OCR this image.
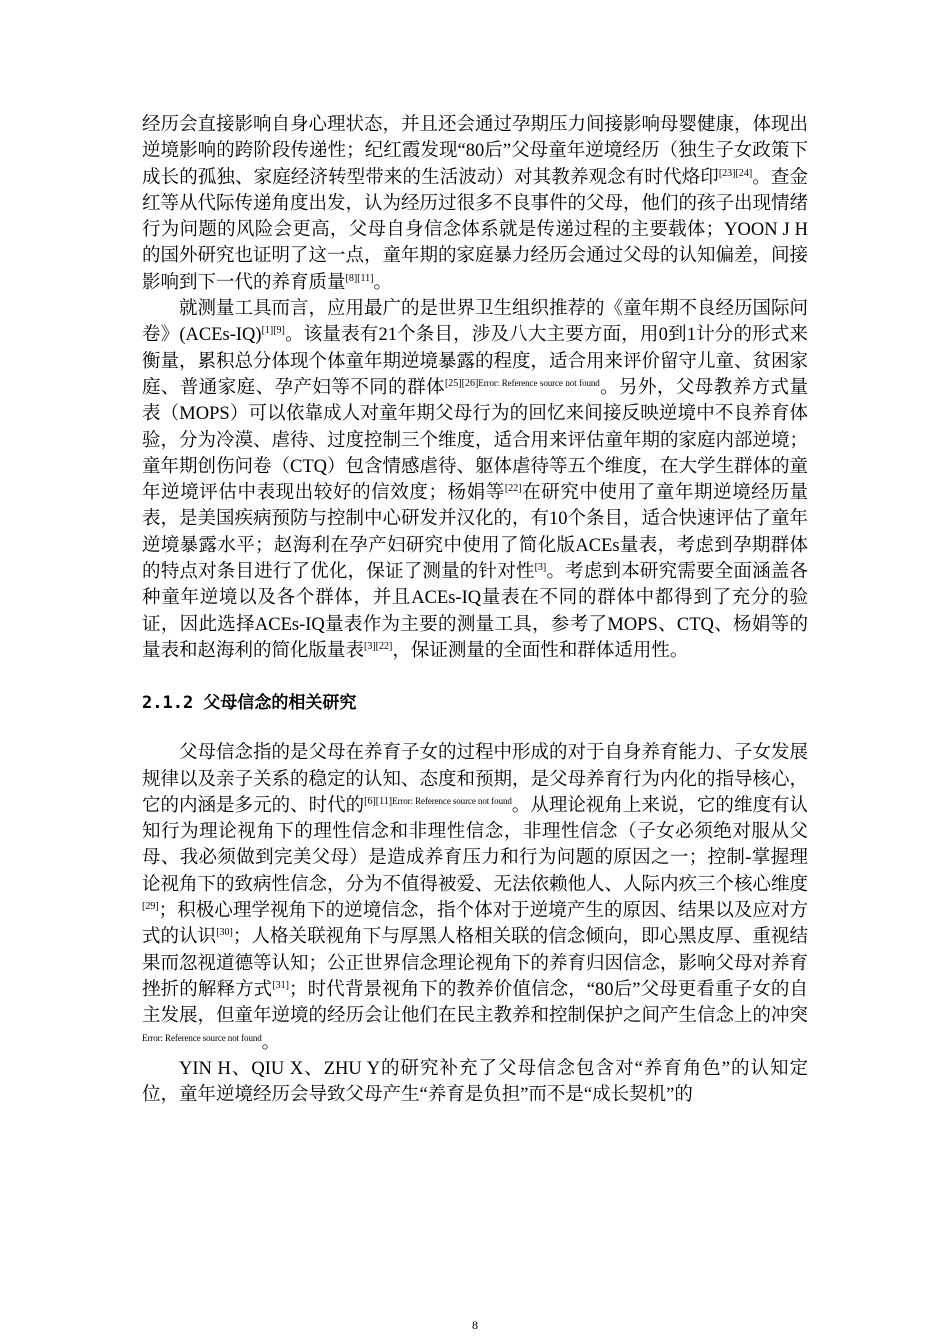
经历会直接影响自身心理状态，并且还会通过孕期压力间接影响母婴健康，体现出逆境影响的跨阶段传递性；纪红霞发现“80后”父母童年逆境经历（独生子女政策下成长的孤独、家庭经济转型带来的生活波动）对其教养观念有时代烙印[23][24]。查金红等从代际传递角度出发，认为经历过很多不良事件的父母，他们的孩子出现情绪行为问题的风险会更高，父母自身信念体系就是传递过程的主要载体；YOON J H的国外研究也证明了这一点，童年期的家庭暴力经历会通过父母的认知偏差，间接影响到下一代的养育质量[8][11]。

就测量工具而言，应用最广的是世界卫生组织推荐的《童年期不良经历国际问卷》(ACEs-IQ)[1][9]。该量表有21个条目，涉及八大主要方面，用0到1计分的形式来衡量，累积总分体现个体童年期逆境暴露的程度，适合用来评价留守儿童、贫困家庭、普通家庭、孕产妇等不同的群体$^{[25][26]Error: Reference source not found}$。另外，父母教养方式量表（MOPS）可以依靠成人对童年期父母行为的回忆来间接反映逆境中不良养育体验，分为冷漠、虐待、过度控制三个维度，适合用来评估童年期的家庭内部逆境；童年期创伤问卷（CTQ）包含情感虐待、躯体虐待等五个维度，在大学生群体的童年逆境评估中表现出较好的信效度；杨娟等[22]在研究中使用了童年期逆境经历量表，是美国疾病预防与控制中心研发并汉化的，有10个条目，适合快速评估了童年逆境暴露水平；赵海利在孕产妇研究中使用了简化版ACEs量表，考虑到孕期群体的特点对条目进行了优化，保证了测量的针对性[3]。考虑到本研究需要全面涵盖各种童年逆境以及各个群体，并且ACEs-IQ量表在不同的群体中都得到了充分的验证，因此选择ACEs-IQ量表作为主要的测量工具，参考了MOPS、CTQ、杨娟等的量表和赵海利的简化版量表[3][22]，保证测量的全面性和群体适用性。

2.1.2 父母信念的相关研究

父母信念指的是父母在养育子女的过程中形成的对于自身养育能力、子女发展规律以及亲子关系的稳定的认知、态度和预期，是父母养育行为内化的指导核心，它的内涵是多元的、时代的$^{[6][11]Error: Reference source not found}$。从理论视角上来说，它的维度有认知行为理论视角下的理性信念和非理性信念，非理性信念（子女必须绝对服从父母、我必须做到完美父母）是造成养育压力和行为问题的原因之一；控制-掌握理论视角下的致病性信念，分为不值得被爱、无法依赖他人、人际内疚三个核心维度[29]；积极心理学视角下的逆境信念，指个体对于逆境产生的原因、结果以及应对方式的认识[30]；人格关联视角下与厚黑人格相关联的信念倾向，即心黑皮厚、重视结果而忽视道德等认知；公正世界信念理论视角下的养育归因信念，影响父母对养育挫折的解释方式[31]；时代背景视角下的教养价值信念，“80后”父母更看重子女的自主发展，但童年逆境的经历会让他们在民主教养和控制保护之间产生信念上的冲突$^{Error: Reference source not found}$。

YIN H、QIU X、ZHU Y的研究补充了父母信念包含对“养育角色”的认知定位，童年逆境经历会导致父母产生“养育是负担”而不是“成长契机”的

8
